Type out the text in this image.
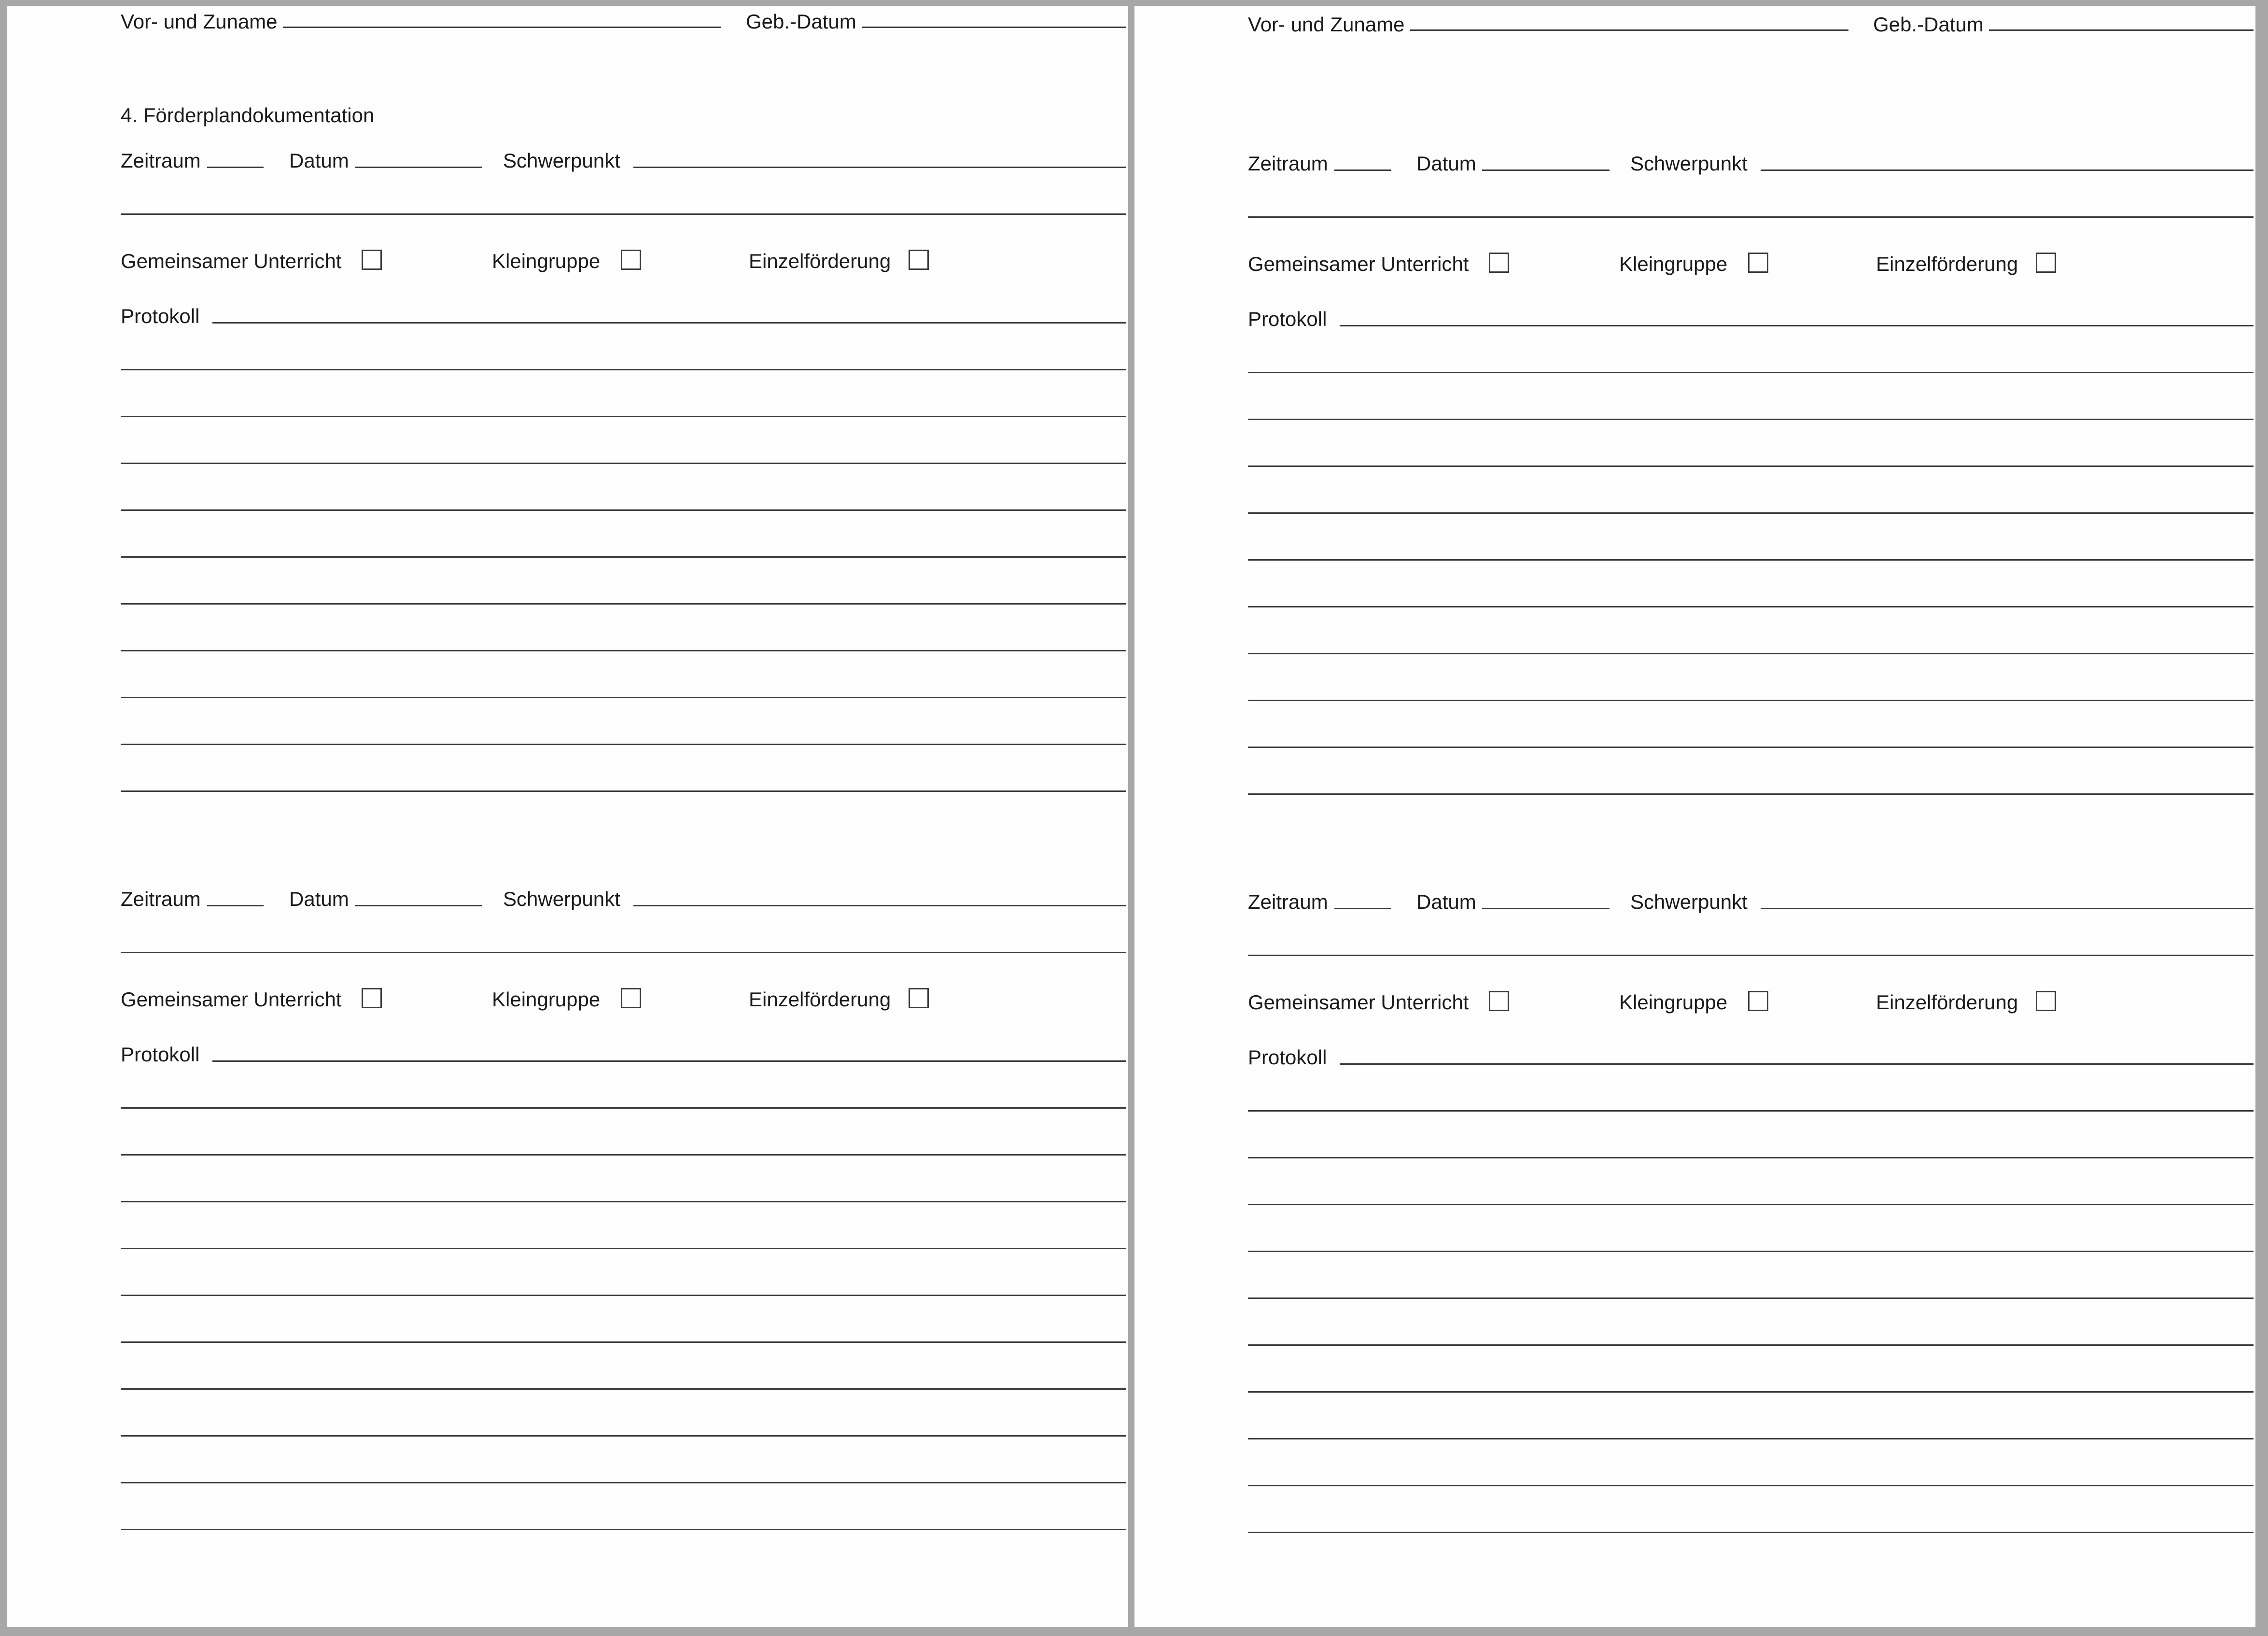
Vor- und Zuname	Geb.-Datum
4. Förderplandokumentation
Zeitraum	Datum	Schwerpunkt
Gemeinsamer Unterricht	Kleingruppe	Einzelförderung
Protokoll
Zeitraum	Datum	Schwerpunkt
Gemeinsamer Unterricht	Kleingruppe	Einzelförderung
Protokoll
Vor- und Zuname	Geb.-Datum
Zeitraum	Datum	Schwerpunkt
Gemeinsamer Unterricht	Kleingruppe	Einzelförderung
Protokoll
Zeitraum	Datum	Schwerpunkt
Gemeinsamer Unterricht	Kleingruppe	Einzelförderung
Protokoll
